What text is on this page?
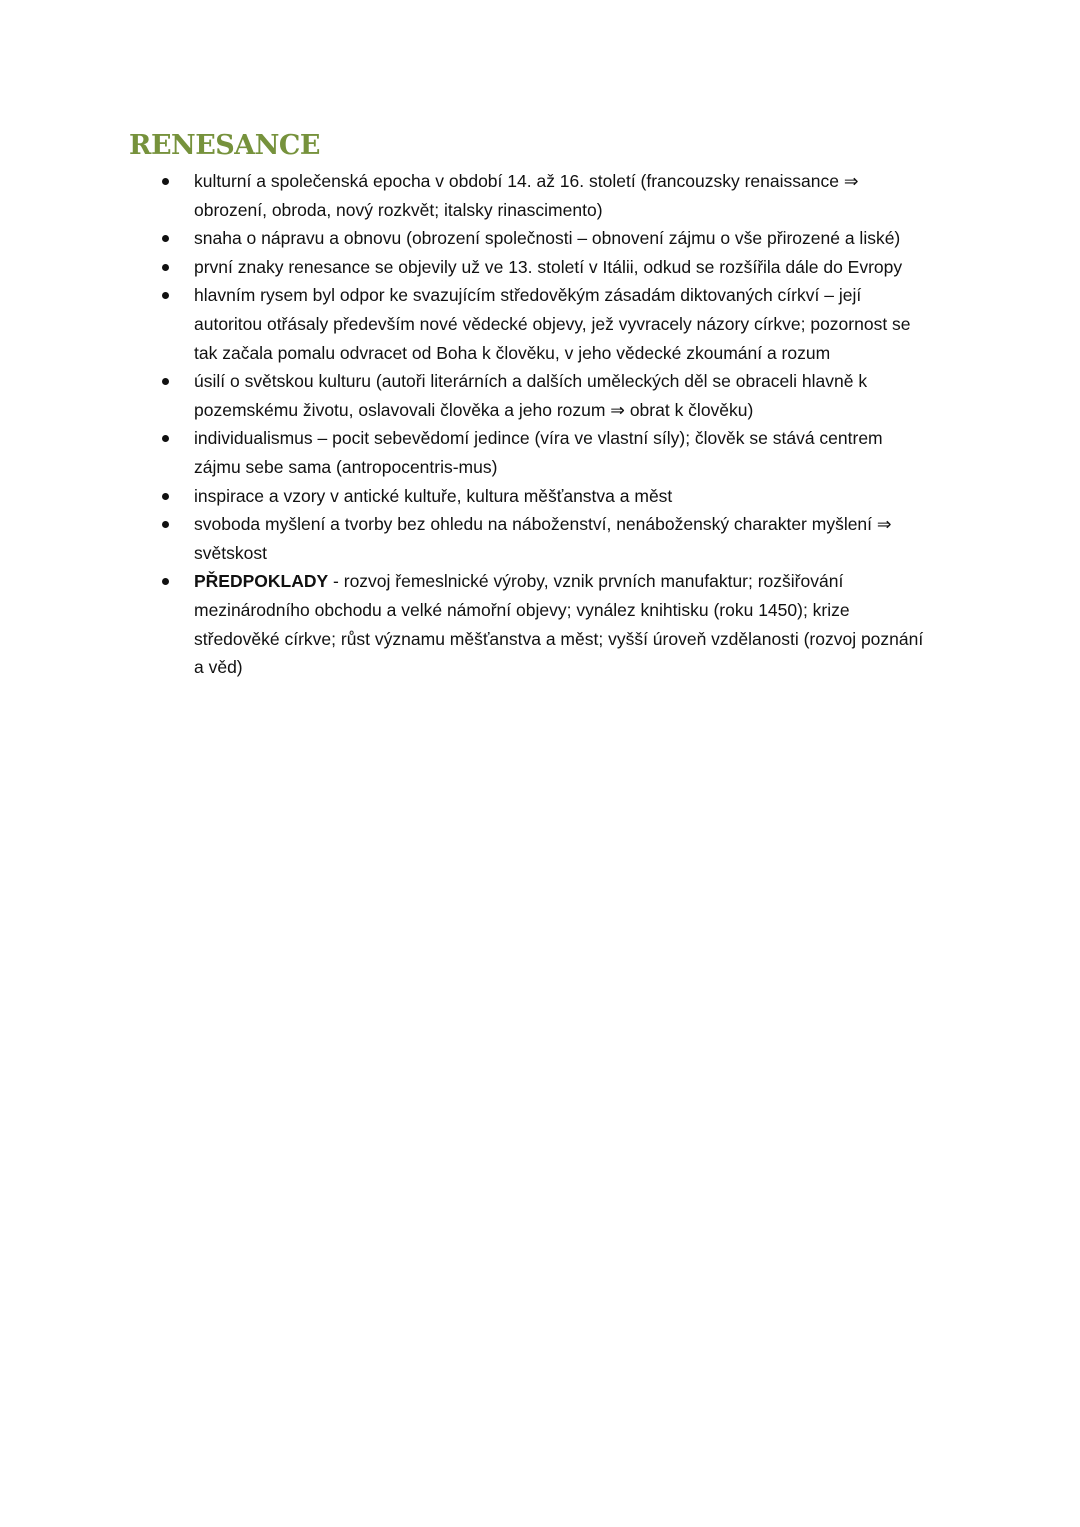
RENESANCE
kulturní a společenská epocha v období 14. až 16. století (francouzsky renaissance ⇒
obrození, obroda, nový rozkvět; italsky rinascimento)
snaha o nápravu a obnovu (obrození společnosti – obnovení zájmu o vše přirozené a liské)
první znaky renesance se objevily už ve 13. století v Itálii, odkud se rozšířila dále do Evropy
hlavním rysem byl odpor ke svazujícím středověkým zásadám diktovaných církví – její
autoritou otřásaly především nové vědecké objevy, jež vyvracely názory církve; pozornost se
tak začala pomalu odvracet od Boha k člověku, v jeho vědecké zkoumání a rozum
úsilí o světskou kulturu (autoři literárních a dalších uměleckých děl se obraceli hlavně k
pozemskému životu, oslavovali člověka a jeho rozum ⇒ obrat k člověku)
individualismus – pocit sebevědomí jedince (víra ve vlastní síly); člověk se stává centrem
zájmu sebe sama (antropocentris-mus)
inspirace a vzory v antické kultuře, kultura měšťanstva a měst
svoboda myšlení a tvorby bez ohledu na náboženství, nenáboženský charakter myšlení ⇒
světskost
PŘEDPOKLADY - rozvoj řemeslnické výroby, vznik prvních manufaktur; rozšiřování
mezinárodního obchodu a velké námořní objevy; vynález knihtisku (roku 1450); krize
středověké církve; růst významu měšťanstva a měst; vyšší úroveň vzdělanosti (rozvoj poznání
a věd)
